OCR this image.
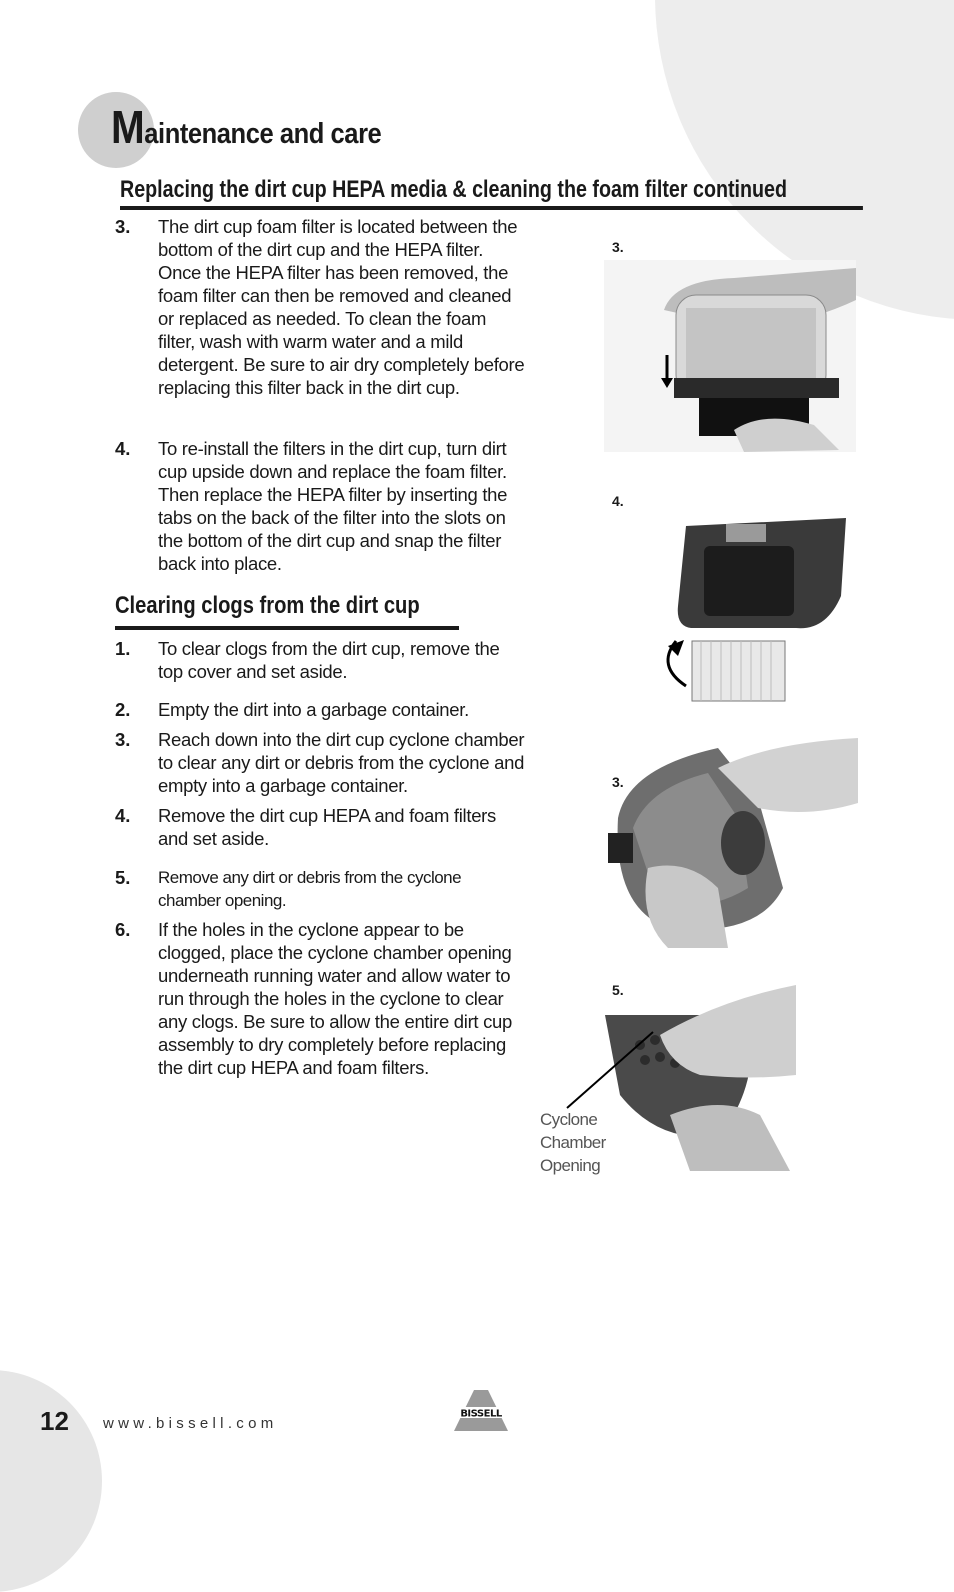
Maintenance and care
Replacing the dirt cup HEPA media & cleaning the foam filter continued
3. The dirt cup foam filter is located between the bottom of the dirt cup and the HEPA filter. Once the HEPA filter has been removed, the foam filter can then be removed and cleaned or replaced as needed. To clean the foam filter, wash with warm water and a mild detergent. Be sure to air dry completely before replacing this filter back in the dirt cup.
4. To re-install the filters in the dirt cup, turn dirt cup upside down and replace the foam filter. Then replace the HEPA filter by inserting the tabs on the back of the filter into the slots on the bottom of the dirt cup and snap the filter back into place.
Clearing clogs from the dirt cup
1. To clear clogs from the dirt cup, remove the top cover and set aside.
2. Empty the dirt into a garbage container.
3. Reach down into the dirt cup cyclone chamber to clear any dirt or debris from the cyclone and empty into a garbage container.
4. Remove the dirt cup HEPA and foam filters and set aside.
5. Remove any dirt or debris from the cyclone chamber opening.
6. If the holes in the cyclone appear to be clogged, place the cyclone chamber opening underneath running water and allow water to run through the holes in the cyclone to clear any clogs. Be sure to allow the entire dirt cup assembly to dry completely before replacing the dirt cup HEPA and foam filters.
3.
4.
3.
5.
Cyclone
Chamber
Opening
12 www.bissell.com
BISSELL
